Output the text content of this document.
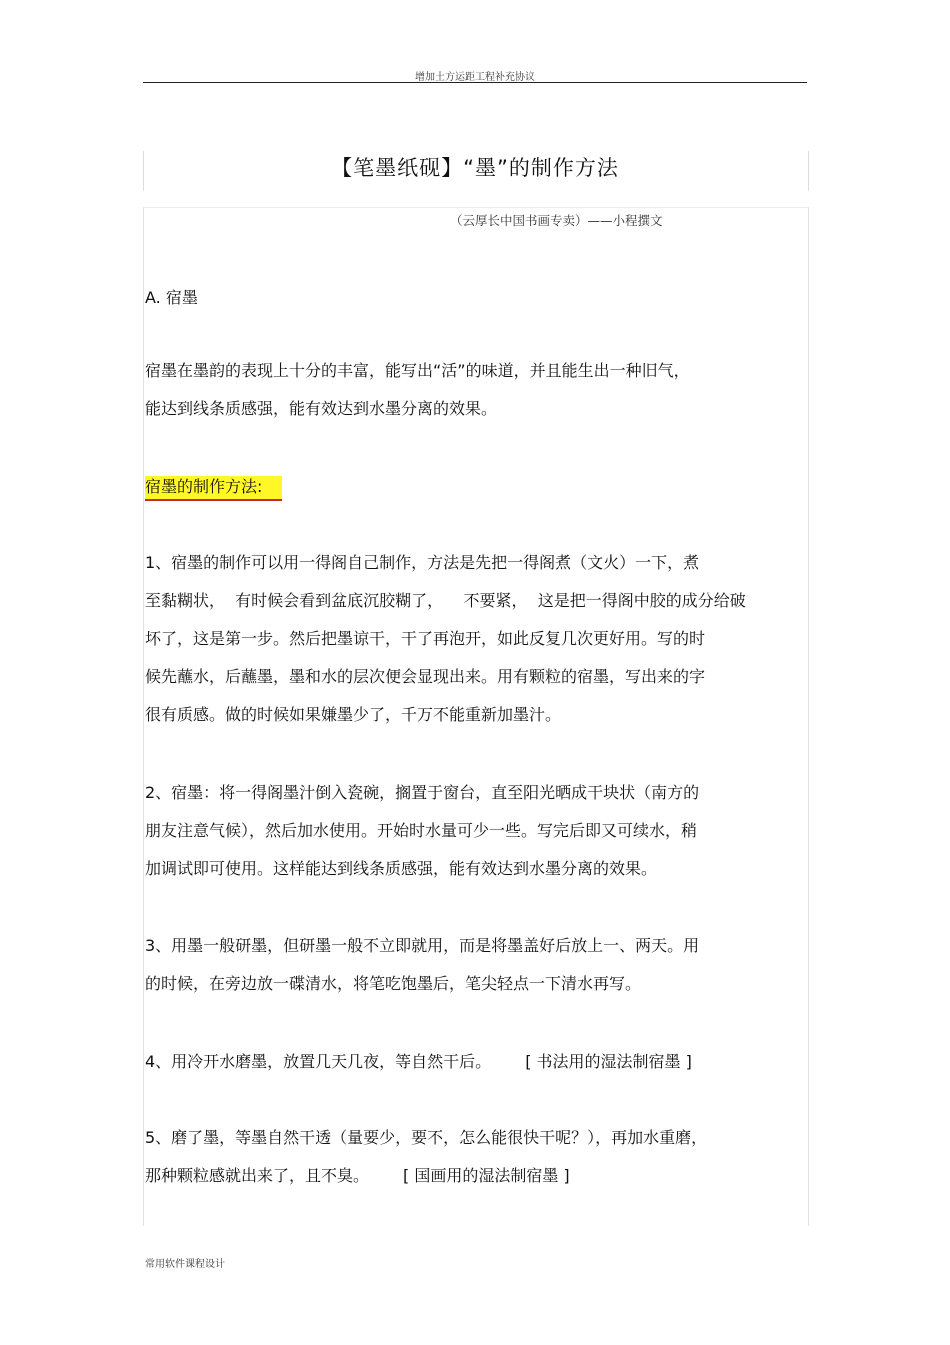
增加土方运距工程补充协议
【笔墨纸砚】“墨”的制作方法
（云厚长中国书画专卖）——小程撰文
A. 宿墨
宿墨在墨韵的表现上十分的丰富，能写出“活”的味道，并且能生出一种旧气，
能达到线条质感强，能有效达到水墨分离的效果。
宿墨的制作方法:
1、宿墨的制作可以用一得阁自己制作，方法是先把一得阁煮（文火）一下，煮
至黏糊状，  有时候会看到盆底沉胶糊了，    不要紧，  这是把一得阁中胶的成分给破
坏了，这是第一步。然后把墨谅干，干了再泡开，如此反复几次更好用。写的时
候先蘸水，后蘸墨，墨和水的层次便会显现出来。用有颗粒的宿墨，写出来的字
很有质感。做的时候如果嫌墨少了，千万不能重新加墨汁。
2、宿墨：将一得阁墨汁倒入瓷碗，搁置于窗台，直至阳光晒成干块状（南方的
朋友注意气候），然后加水使用。开始时水量可少一些。写完后即又可续水，稍
加调试即可使用。这样能达到线条质感强，能有效达到水墨分离的效果。
3、用墨一般研墨，但研墨一般不立即就用，而是将墨盖好后放上一、两天。用
的时候，在旁边放一碟清水，将笔吃饱墨后，笔尖轻点一下清水再写。
4、用冷开水磨墨，放置几天几夜，等自然干后。 [ 书法用的湿法制宿墨 ]
5、磨了墨，等墨自然干透（量要少，要不，怎么能很快干呢？），再加水重磨，
那种颗粒感就出来了，且不臭。 [ 国画用的湿法制宿墨 ]
常用软件课程设计
